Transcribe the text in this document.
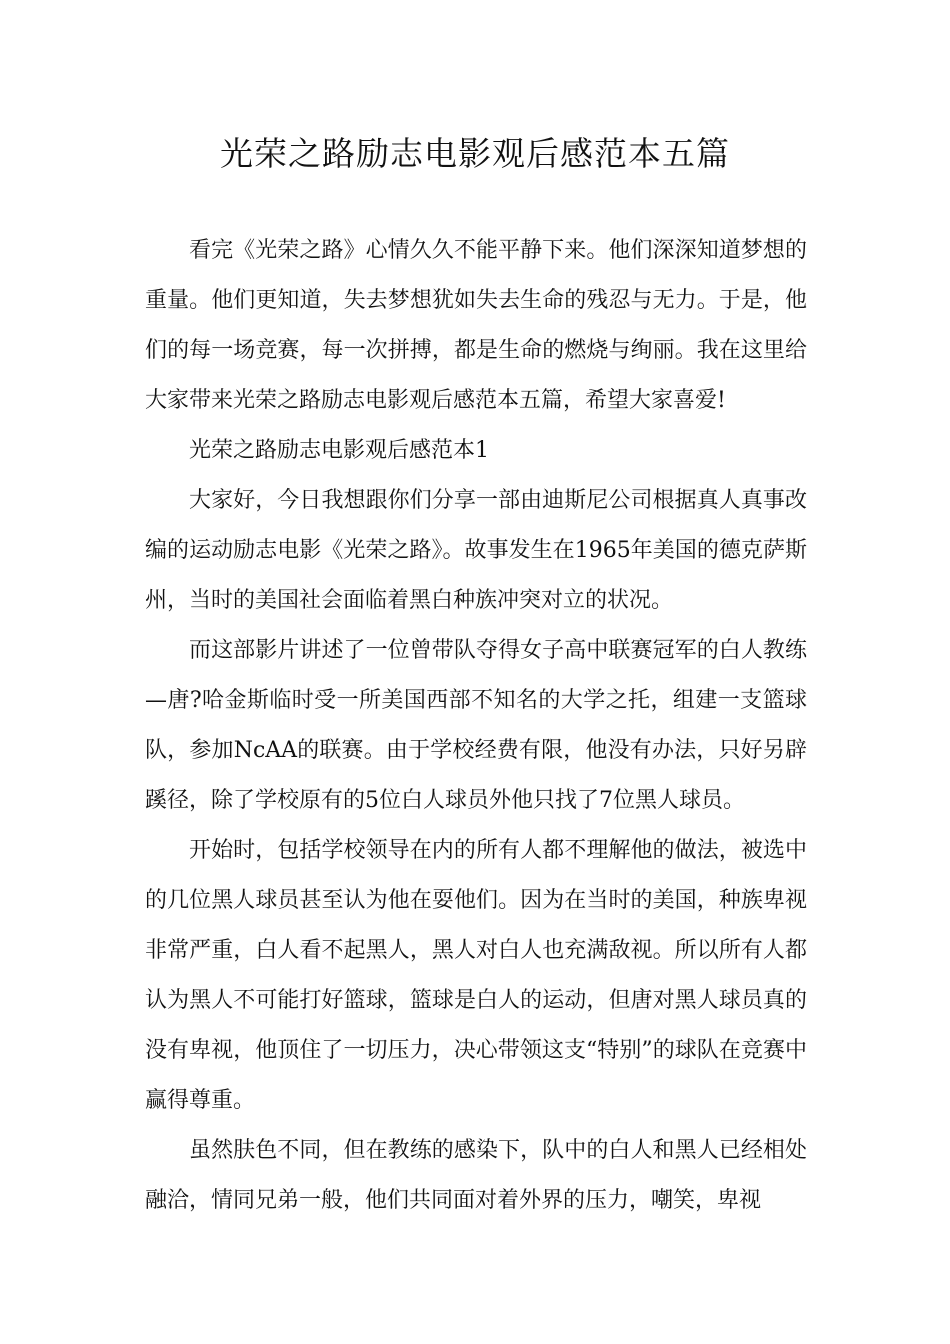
光荣之路励志电影观后感范本五篇

看完《光荣之路》心情久久不能平静下来。他们深深知道梦想的重量。他们更知道，失去梦想犹如失去生命的残忍与无力。于是，他们的每一场竞赛，每一次拼搏，都是生命的燃烧与绚丽。我在这里给大家带来光荣之路励志电影观后感范本五篇，希望大家喜爱!

光荣之路励志电影观后感范本1

大家好，今日我想跟你们分享一部由迪斯尼公司根据真人真事改编的运动励志电影《光荣之路》。故事发生在1965年美国的德克萨斯州，当时的美国社会面临着黑白种族冲突对立的状况。

而这部影片讲述了一位曾带队夺得女子高中联赛冠军的白人教练—唐?哈金斯临时受一所美国西部不知名的大学之托，组建一支篮球队，参加NcAA的联赛。由于学校经费有限，他没有办法，只好另辟蹊径，除了学校原有的5位白人球员外他只找了7位黑人球员。

开始时，包括学校领导在内的所有人都不理解他的做法，被选中的几位黑人球员甚至认为他在耍他们。因为在当时的美国，种族卑视非常严重，白人看不起黑人，黑人对白人也充满敌视。所以所有人都认为黑人不可能打好篮球，篮球是白人的运动，但唐对黑人球员真的没有卑视，他顶住了一切压力，决心带领这支“特别”的球队在竞赛中赢得尊重。

虽然肤色不同，但在教练的感染下，队中的白人和黑人已经相处融洽，情同兄弟一般，他们共同面对着外界的压力，嘲笑，卑视
